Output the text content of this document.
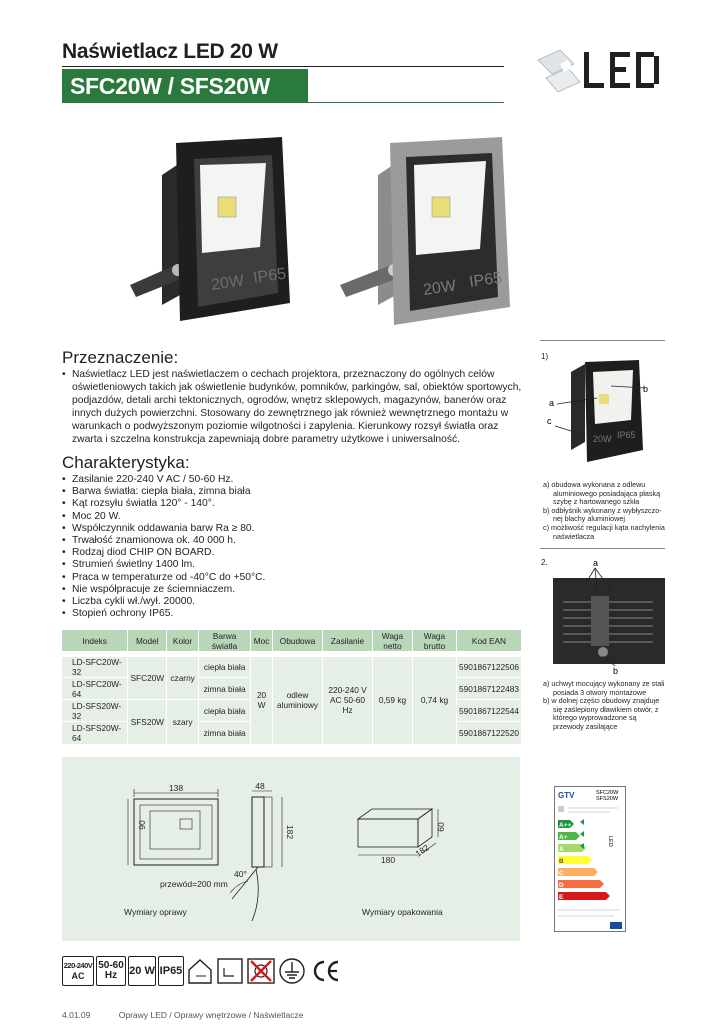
Naświetlacz LED 20 W
SFC20W / SFS20W
20W IP65
20W IP65
Przeznaczenie:
• Naświetlacz LED jest naświetlaczem o cechach projektora, przeznaczony do ogólnych celów oświetleniowych takich jak oświetlenie budynków, pomników, parkingów, sal, obiektów sportowych, podjazdów, detali archi tektonicznych, ogrodów, wnętrz sklepowych, magazynów, banerów oraz innych dużych powierzchni. Stosowany do zewnętrznego jak również wewnętrznego montażu w warunkach o podwyższonym poziomie wilgotności i zapylenia. Kierunkowy rozsył światła oraz zwarta i szczelna konstrukcja zapewniają dobre parametry użytkowe i uniwersalność.
Charakterystyka:
• Zasilanie 220-240 V AC / 50-60 Hz.
• Barwa światła: ciepła biała, zimna biała
• Kąt rozsyłu światła 120° - 140°.
• Moc 20 W.
• Współczynnik oddawania barw Ra ≥ 80.
• Trwałość znamionowa ok. 40 000 h.
• Rodzaj diod CHIP ON BOARD.
• Strumień świetlny 1400 lm.
• Praca w temperaturze od -40°C do +50°C.
• Nie współpracuje ze ściemniaczem.
• Liczba cykli wł./wył. 20000.
• Stopień ochrony IP65.
Indeks	Model	Kolor	Barwa światła	Moc	Obudowa	Zasilanie	Waga netto	Waga brutto	Kod EAN
LD-SFC20W-32	SFC20W	czarny	ciepła biała	20 W	odlew aluminiowy	220-240 V AC 50-60 Hz	0,59 kg	0,74 kg	5901867122506
LD-SFC20W-64			zimna biała						5901867122483
LD-SFS20W-32	SFS20W	szary	ciepła biała						5901867122544
LD-SFS20W-64			zimna biała						5901867122520
138
90
48
182
40°
przewód=200 mm
Wymiary oprawy
180
182
60
Wymiary opakowania
1)
20W IP65
b
a
c
a) obudowa wykonana z odlewu aluminiowego posiadająca płaską szybę z hartowanego szkła
b) odbłyśnik wykonany z wybłyszczo- nej blachy aluminiowej
c) możliwość regulacji kąta nachylenia naświetlacza
2.	a
b
a) uchwyt mocujący wykonany ze stali posiada 3 otwory montażowe
b) w dolnej części obudowy znajduje się zaślepiony dławikiem otwór, z którego wyprowadzone są przewody zasilające
GTV	SFC20W
SFS20W
A++
A+
A
B
C
D
E
LED
220-240V
AC
50-60
Hz 20 W IP65
4.01.09	Oprawy LED / Oprawy wnętrzowe / Naświetlacze
